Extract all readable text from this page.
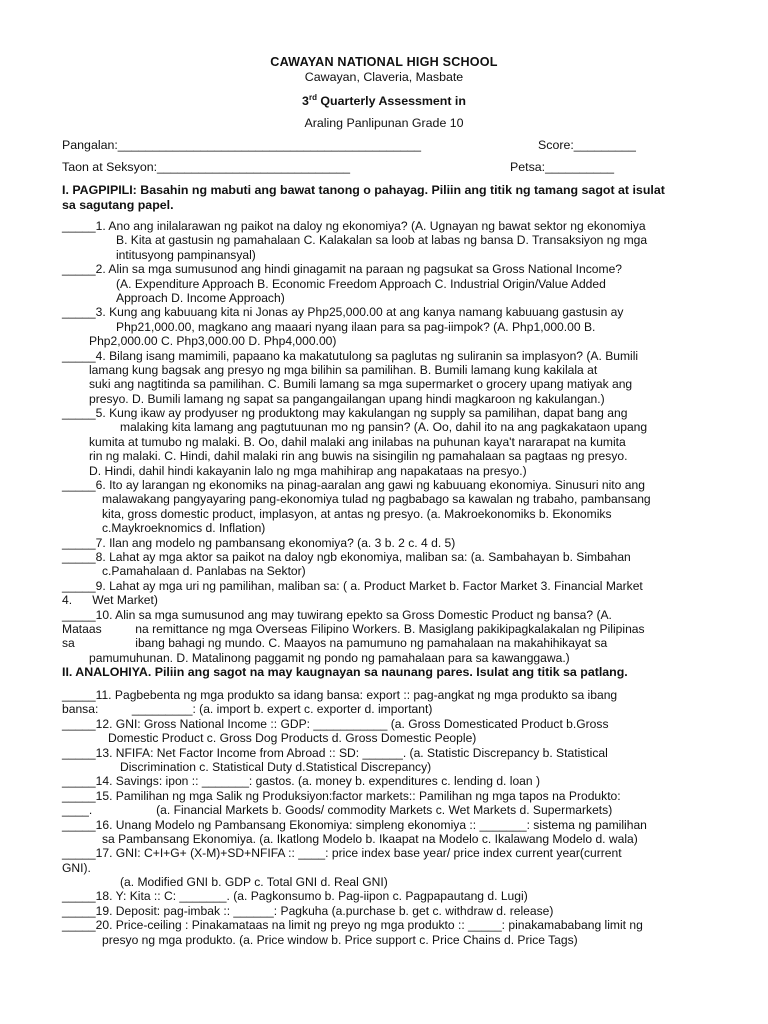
CAWAYAN NATIONAL HIGH SCHOOL
Cawayan, Claveria, Masbate
3rd Quarterly Assessment in
Araling Panlipunan Grade 10
Pangalan:____________________________________________	Score:_________
Taon at Seksyon:____________________________	Petsa:__________
I. PAGPIPILI: Basahin ng mabuti ang bawat tanong o pahayag. Piliin ang titik ng tamang sagot at isulat
sa sagutang papel.
_____1. Ano ang inilalarawan ng paikot na daloy ng ekonomiya? (A. Ugnayan ng bawat sektor ng ekonomiya
B. Kita at gastusin ng pamahalaan C. Kalakalan sa loob at labas ng bansa D. Transaksiyon ng mga
intitusyong pampinansyal)
_____2. Alin sa mga sumusunod ang hindi ginagamit na paraan ng pagsukat sa Gross National Income?
(A. Expenditure Approach B. Economic Freedom Approach C. Industrial Origin/Value Added
Approach D. Income Approach)
_____3. Kung ang kabuuang kita ni Jonas ay Php25,000.00 at ang kanya namang kabuuang gastusin ay
Php21,000.00, magkano ang maaari nyang ilaan para sa pag-iimpok? (A. Php1,000.00 B.
Php2,000.00 C. Php3,000.00 D. Php4,000.00)
_____4. Bilang isang mamimili, papaano ka makatutulong sa paglutas ng suliranin sa implasyon? (A. Bumili
lamang kung bagsak ang presyo ng mga bilihin sa pamilihan. B. Bumili lamang kung kakilala at
suki ang nagtitinda sa pamilihan. C. Bumili lamang sa mga supermarket o grocery upang matiyak ang
presyo. D. Bumili lamang ng sapat sa pangangailangan upang hindi magkaroon ng kakulangan.)
_____5. Kung ikaw ay prodyuser ng produktong may kakulangan ng supply sa pamilihan, dapat bang ang
malaking kita lamang ang pagtutuunan mo ng pansin? (A. Oo, dahil ito na ang pagkakataon upang
kumita at tumubo ng malaki. B. Oo, dahil malaki ang inilabas na puhunan kaya't nararapat na kumita
rin ng malaki. C. Hindi, dahil malaki rin ang buwis na sisingilin ng pamahalaan sa pagtaas ng presyo.
D. Hindi, dahil hindi kakayanin lalo ng mga mahihirap ang napakataas na presyo.)
_____6. Ito ay larangan ng ekonomiks na pinag-aaralan ang gawi ng kabuuang ekonomiya. Sinusuri nito ang
malawakang pangyayaring pang-ekonomiya tulad ng pagbabago sa kawalan ng trabaho, pambansang
kita, gross domestic product, implasyon, at antas ng presyo. (a. Makroekonomiks b. Ekonomiks
c.Maykroeknomics d. Inflation)
_____7. Ilan ang modelo ng pambansang ekonomiya? (a. 3 b. 2 c. 4 d. 5)
_____8. Lahat ay mga aktor sa paikot na daloy ngb ekonomiya, maliban sa: (a. Sambahayan b. Simbahan
c.Pamahalaan d. Panlabas na Sektor)
_____9. Lahat ay mga uri ng pamilihan, maliban sa: ( a. Product Market b. Factor Market 3. Financial Market
4.      Wet Market)
_____10. Alin sa mga sumusunod ang may tuwirang epekto sa Gross Domestic Product ng bansa? (A.
Mataas          na remittance ng mga Overseas Filipino Workers. B. Masiglang pakikipagkalakalan ng Pilipinas
sa                  ibang bahagi ng mundo. C. Maayos na pamumuno ng pamahalaan na makahihikayat sa
pamumuhunan. D. Matalinong paggamit ng pondo ng pamahalaan para sa kawanggawa.)
II. ANALOHIYA. Piliin ang sagot na may kaugnayan sa naunang pares. Isulat ang titik sa patlang.
_____11. Pagbebenta ng mga produkto sa idang bansa: export :: pag-angkat ng mga produkto sa ibang
bansa:          _________: (a. import b. expert c. exporter d. important)
_____12. GNI: Gross National Income :: GDP: ___________ (a. Gross Domesticated Product b.Gross
Domestic Product c. Gross Dog Products d. Gross Domestic People)
_____13. NFIFA: Net Factor Income from Abroad :: SD: ______. (a. Statistic Discrepancy b. Statistical
Discrimination c. Statistical Duty d.Statistical Discrepancy)
_____14. Savings: ipon :: _______: gastos. (a. money b. expenditures c. lending d. loan )
_____15. Pamilihan ng mga Salik ng Produksiyon:factor markets:: Pamilihan ng mga tapos na Produkto:
____.                   (a. Financial Markets b. Goods/ commodity Markets c. Wet Markets d. Supermarkets)
_____16. Unang Modelo ng Pambansang Ekonomiya: simpleng ekonomiya :: _______: sistema ng pamilihan
sa Pambansang Ekonomiya. (a. Ikatlong Modelo b. Ikaapat na Modelo c. Ikalawang Modelo d. wala)
_____17. GNI: C+I+G+ (X-M)+SD+NFIFA :: ____: price index base year/ price index current year(current
GNI).
(a. Modified GNI b. GDP c. Total GNI d. Real GNI)
_____18. Y: Kita :: C: _______. (a. Pagkonsumo b. Pag-iipon c. Pagpapautang d. Lugi)
_____19. Deposit: pag-imbak :: ______: Pagkuha (a.purchase b. get c. withdraw d. release)
_____20. Price-ceiling : Pinakamataas na limit ng preyo ng mga produkto :: _____: pinakamababang limit ng
presyo ng mga produkto. (a. Price window b. Price support c. Price Chains d. Price Tags)
